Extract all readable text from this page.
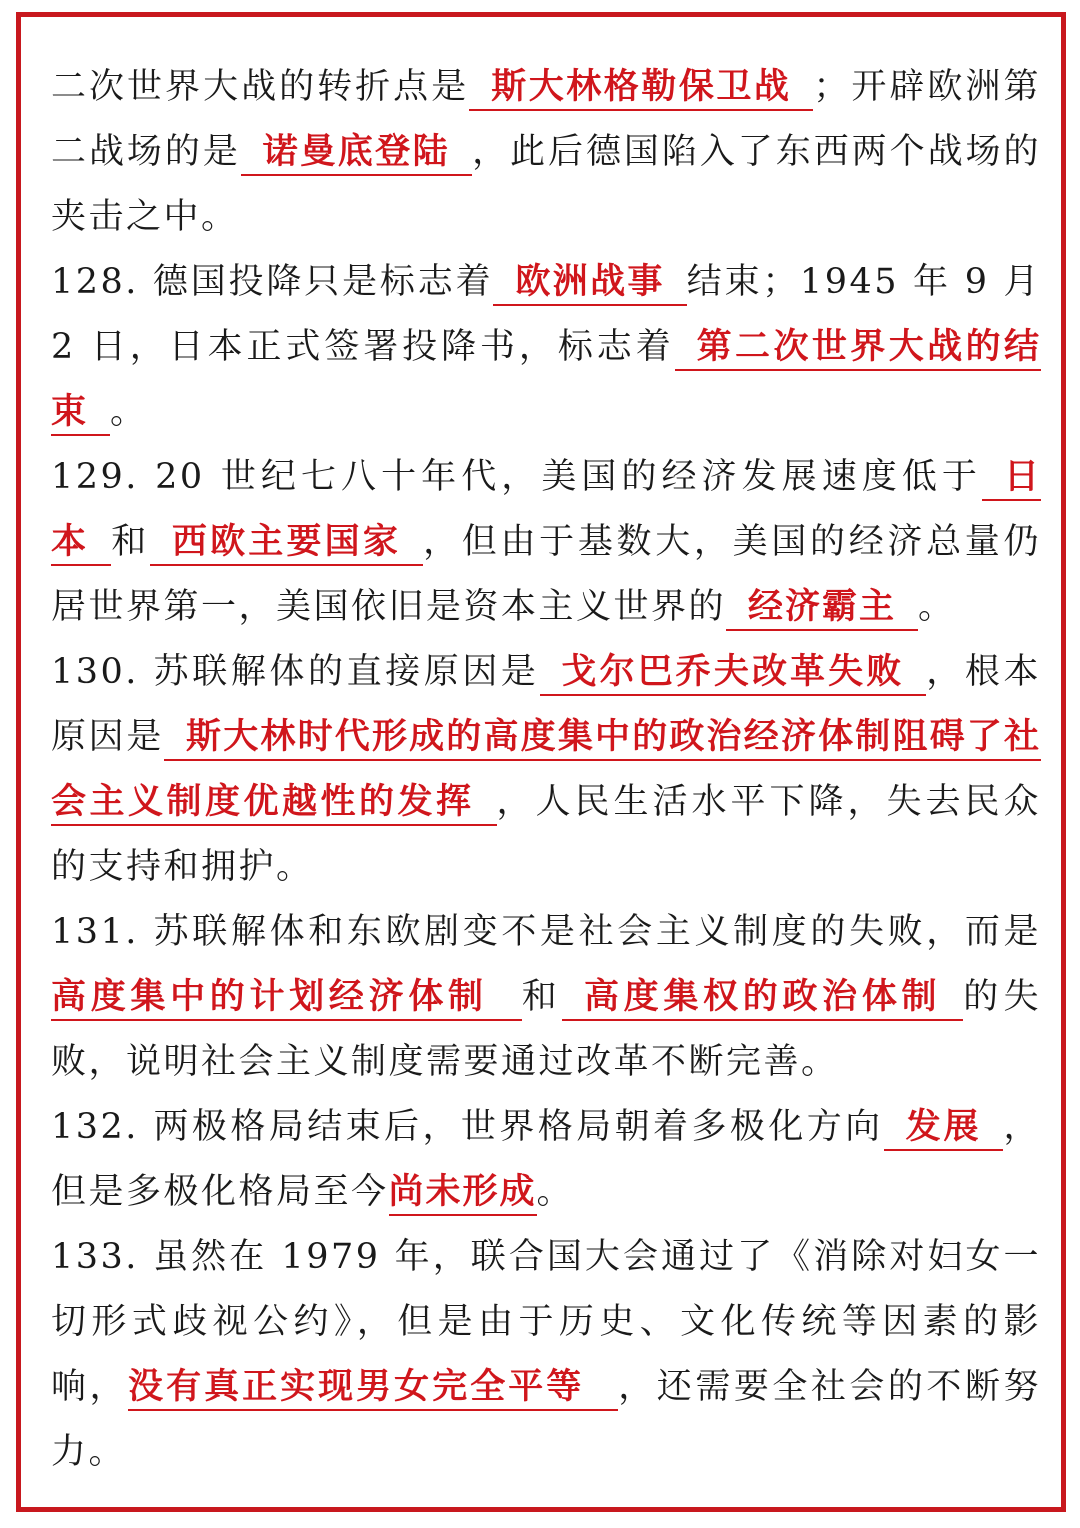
二次世界大战的转折点是 斯大林格勒保卫战 ；开辟欧洲第二战场的是 诺曼底登陆 ，此后德国陷入了东西两个战场的夹击之中。

128. 德国投降只是标志着 欧洲战事 结束；1945 年 9 月 2 日，日本正式签署投降书，标志着 第二次世界大战的结束 。

129. 20 世纪七八十年代，美国的经济发展速度低于 日本 和 西欧主要国家 ，但由于基数大，美国的经济总量仍居世界第一，美国依旧是资本主义世界的 经济霸主 。

130. 苏联解体的直接原因是 戈尔巴乔夫改革失败 ，根本原因是 斯大林时代形成的高度集中的政治经济体制阻碍了社会主义制度优越性的发挥 ，人民生活水平下降，失去民众的支持和拥护。

131. 苏联解体和东欧剧变不是社会主义制度的失败，而是高度集中的计划经济体制 和 高度集权的政治体制 的失败，说明社会主义制度需要通过改革不断完善。

132. 两极格局结束后，世界格局朝着多极化方向 发展 ，但是多极化格局至今尚未形成。

133. 虽然在 1979 年，联合国大会通过了《消除对妇女一切形式歧视公约》，但是由于历史、文化传统等因素的影响，没有真正实现男女完全平等 ，还需要全社会的不断努力。
